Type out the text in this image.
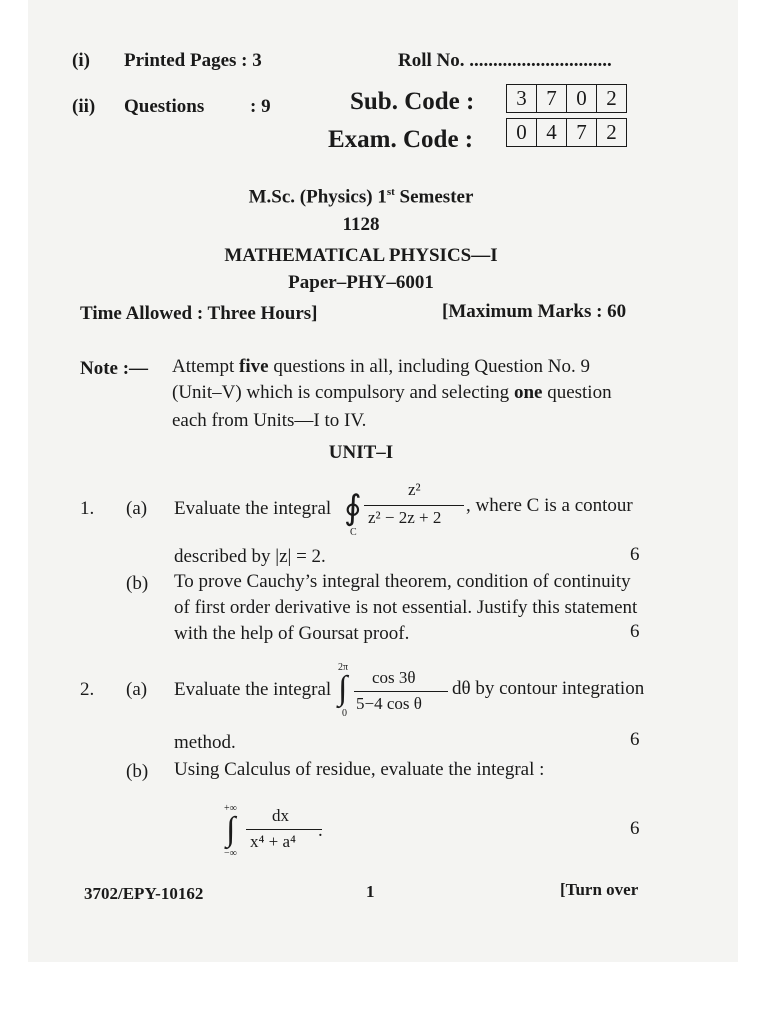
(i) Printed Pages : 3	Roll No. ..............................
(ii) Questions : 9	Sub. Code :	3 7 0 2
Exam. Code :	0 4 7 2
M.Sc. (Physics) 1st Semester
1128
MATHEMATICAL PHYSICS—I
Paper–PHY–6001
Time Allowed : Three Hours]	[Maximum Marks : 60
Note :— Attempt five questions in all, including Question No. 9
(Unit–V) which is compulsory and selecting one question
each from Units—I to IV.
UNIT–I
1. (a) Evaluate the integral ∮
C
z²
z² − 2z + 2
, where C is a contour
described by |z| = 2.	6
(b) To prove Cauchy’s integral theorem, condition of continuity
of first order derivative is not essential. Justify this statement
with the help of Goursat proof.	6
2. (a) Evaluate the integral
2π
∫
0
cos 3θ
5−4 cos θ
dθ by contour integration
method.	6
(b) Using Calculus of residue, evaluate the integral :
+∞
∫
−∞
dx
x⁴ + a⁴
.	6
3702/EPY-10162	1	[Turn over
